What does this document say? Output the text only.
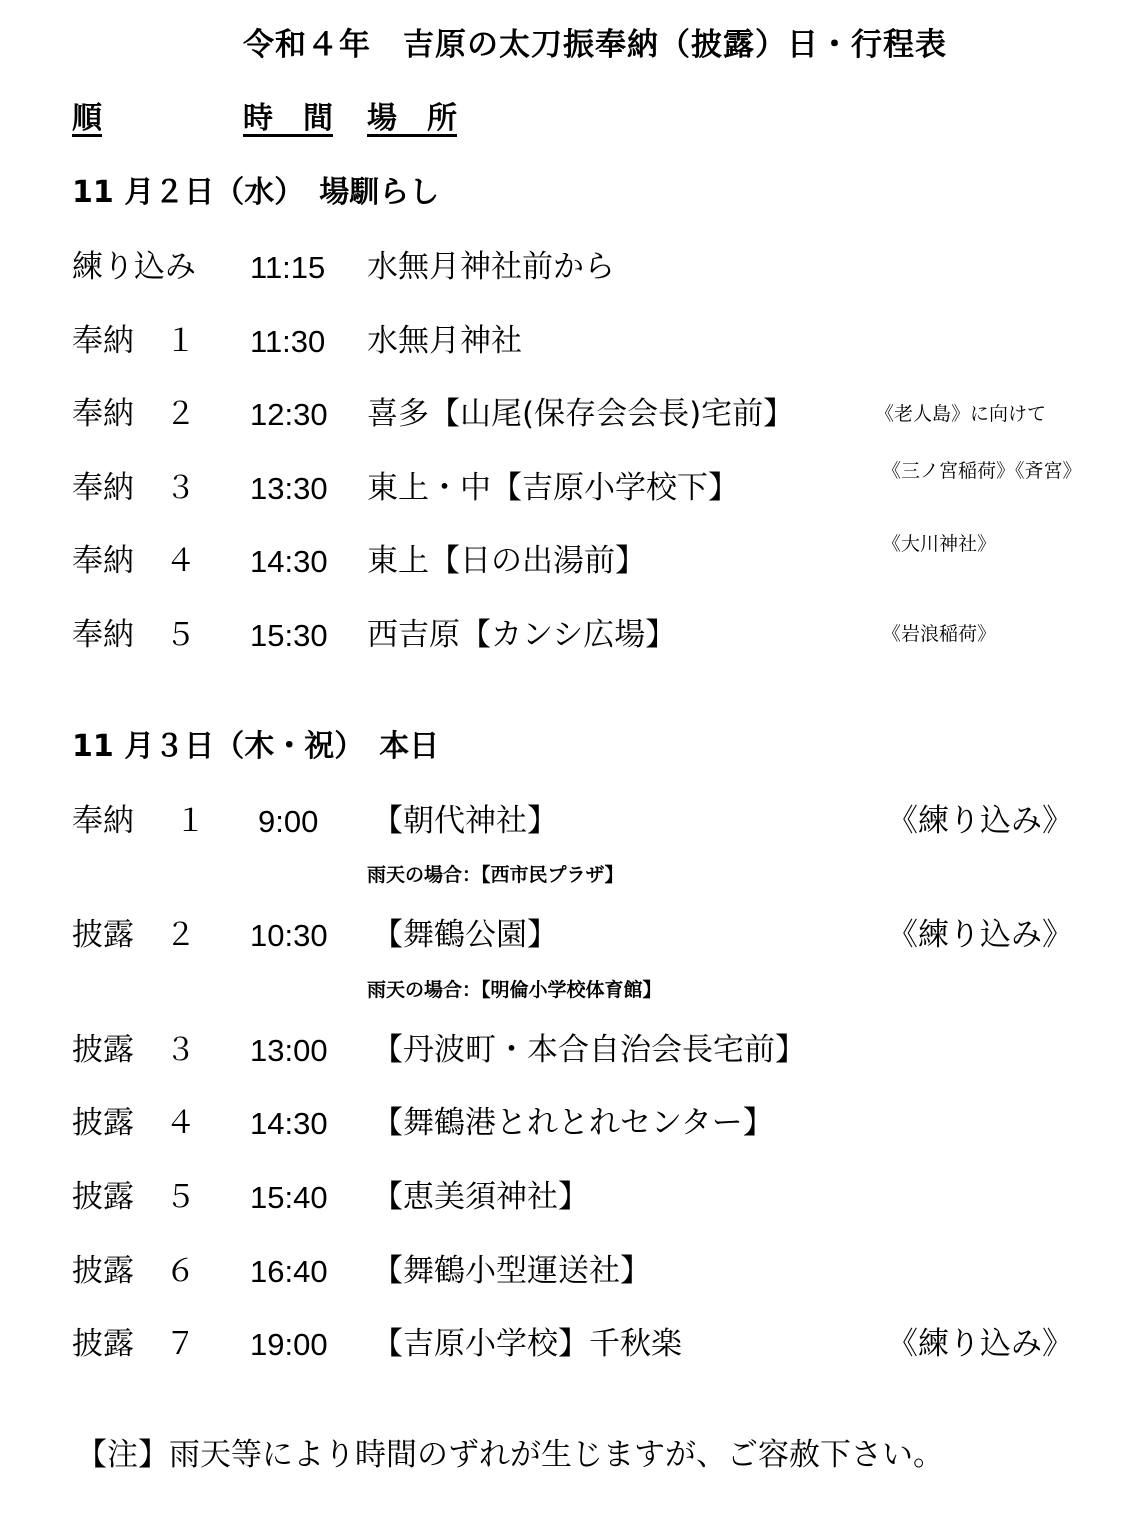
令和４年　吉原の太刀振奉納（披露）日・行程表
順	時　間 場　所
11 月２日（水）　場馴らし
練り込み 11:15 水無月神社前から
奉納　１ 11:30 水無月神社
奉納　２ 12:30 喜多【山尾(保存会会長)宅前】	《老人島》に向けて
奉納　３ 13:30 東上・中【吉原小学校下】	《三ノ宮稲荷》《斉宮》
奉納　４ 14:30 東上【日の出湯前】	《大川神社》
奉納　５ 15:30 西吉原【カンシ広場】	《岩浪稲荷》
11 月３日（木・祝）　本日
奉納　 １ 9:00 【朝代神社】	《練り込み》
雨天の場合：【西市民プラザ】
披露　２ 10:30 【舞鶴公園】	《練り込み》
雨天の場合：【明倫小学校体育館】
披露　３ 13:00 【丹波町・本合自治会長宅前】
披露　４ 14:30 【舞鶴港とれとれセンター】
披露　５ 15:40 【恵美須神社】
披露　６ 16:40 【舞鶴小型運送社】
披露　７ 19:00 【吉原小学校】千秋楽	《練り込み》
【注】雨天等により時間のずれが生じますが、ご容赦下さい。
